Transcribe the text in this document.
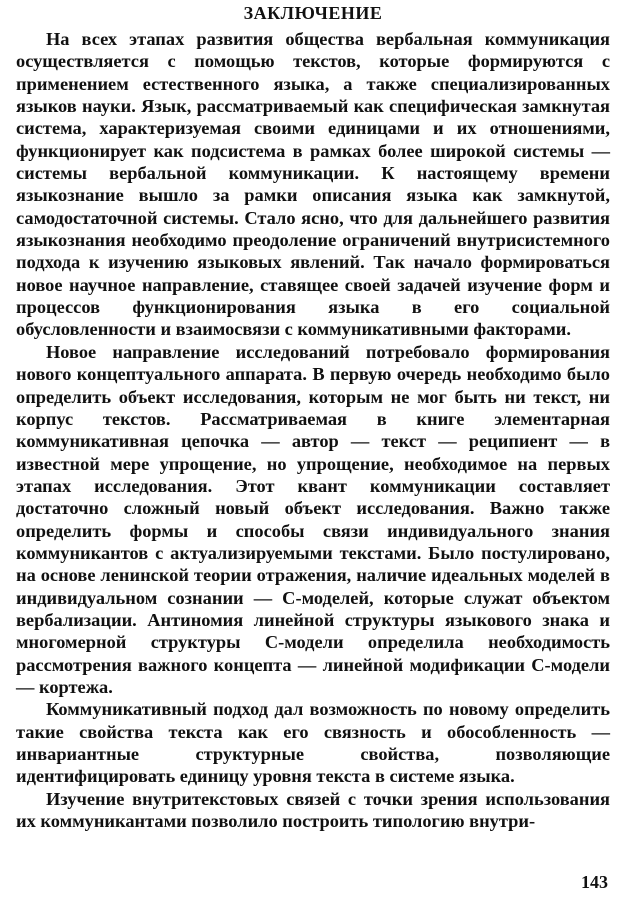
ЗАКЛЮЧЕНИЕ

На всех этапах развития общества вербальная коммуникация осуществляется с помощью текстов, которые формируются с применением естественного языка, а также специализированных языков науки. Язык, рассматриваемый как специфическая замкнутая система, характеризуемая своими единицами и их отношениями, функционирует как подсистема в рамках более широкой системы — системы вербальной коммуникации. К настоящему времени языкознание вышло за рамки описания языка как замкнутой, самодостаточной системы. Стало ясно, что для дальнейшего развития языкознания необходимо преодоление ограничений внутрисистемного подхода к изучению языковых явлений. Так начало формироваться новое научное направление, ставящее своей задачей изучение форм и процессов функционирования языка в его социальной обусловленности и взаимосвязи с коммуникативными факторами.

Новое направление исследований потребовало формирования нового концептуального аппарата. В первую очередь необходимо было определить объект исследования, которым не мог быть ни текст, ни корпус текстов. Рассматриваемая в книге элементарная коммуникативная цепочка — автор — текст — реципиент — в известной мере упрощение, но упрощение, необходимое на первых этапах исследования. Этот квант коммуникации составляет достаточно сложный новый объект исследования. Важно также определить формы и способы связи индивидуального знания коммуникантов с актуализируемыми текстами. Было постулировано, на основе ленинской теории отражения, наличие идеальных моделей в индивидуальном сознании — С-моделей, которые служат объектом вербализации. Антиномия линейной структуры языкового знака и многомерной структуры С-модели определила необходимость рассмотрения важного концепта — линейной модификации С-модели — кортежа.

Коммуникативный подход дал возможность по новому определить такие свойства текста как его связность и обособленность — инвариантные структурные свойства, позволяющие идентифицировать единицу уровня текста в системе языка.

Изучение внутритекстовых связей с точки зрения использования их коммуникантами позволило построить типологию внутри-

143
